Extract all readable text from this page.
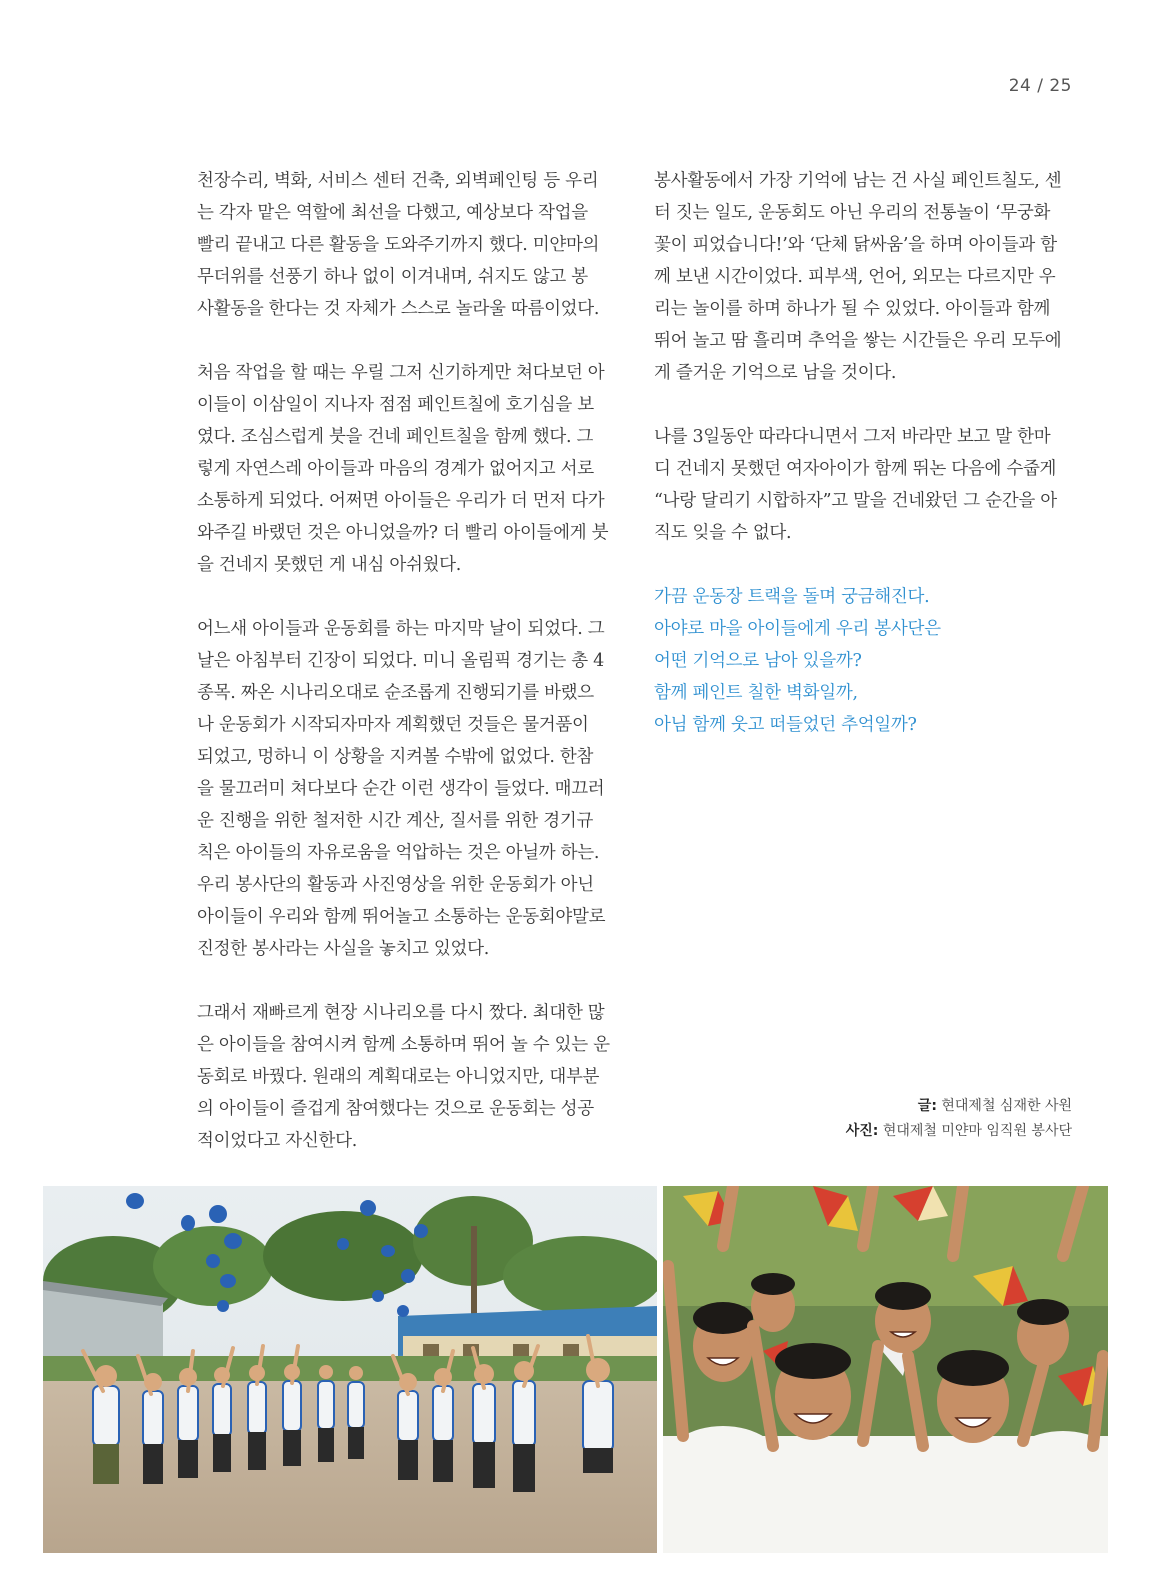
24 / 25

천장수리, 벽화, 서비스 센터 건축, 외벽페인팅 등 우리
는 각자 맡은 역할에 최선을 다했고, 예상보다 작업을
빨리 끝내고 다른 활동을 도와주기까지 했다. 미얀마의
무더위를 선풍기 하나 없이 이겨내며, 쉬지도 않고 봉
사활동을 한다는 것 자체가 스스로 놀라울 따름이었다.

처음 작업을 할 때는 우릴 그저 신기하게만 쳐다보던 아
이들이 이삼일이 지나자 점점 페인트칠에 호기심을 보
였다. 조심스럽게 붓을 건네 페인트칠을 함께 했다. 그
렇게 자연스레 아이들과 마음의 경계가 없어지고 서로
소통하게 되었다. 어쩌면 아이들은 우리가 더 먼저 다가
와주길 바랬던 것은 아니었을까? 더 빨리 아이들에게 붓
을 건네지 못했던 게 내심 아쉬웠다.

어느새 아이들과 운동회를 하는 마지막 날이 되었다. 그
날은 아침부터 긴장이 되었다. 미니 올림픽 경기는 총 4
종목. 짜온 시나리오대로 순조롭게 진행되기를 바랬으
나 운동회가 시작되자마자 계획했던 것들은 물거품이
되었고, 멍하니 이 상황을 지켜볼 수밖에 없었다. 한참
을 물끄러미 쳐다보다 순간 이런 생각이 들었다. 매끄러
운 진행을 위한 철저한 시간 계산, 질서를 위한 경기규
칙은 아이들의 자유로움을 억압하는 것은 아닐까 하는.
우리 봉사단의 활동과 사진영상을 위한 운동회가 아닌
아이들이 우리와 함께 뛰어놀고 소통하는 운동회야말로
진정한 봉사라는 사실을 놓치고 있었다.

그래서 재빠르게 현장 시나리오를 다시 짰다. 최대한 많
은 아이들을 참여시켜 함께 소통하며 뛰어 놀 수 있는 운
동회로 바꿨다. 원래의 계획대로는 아니었지만, 대부분
의 아이들이 즐겁게 참여했다는 것으로 운동회는 성공
적이었다고 자신한다.

봉사활동에서 가장 기억에 남는 건 사실 페인트칠도, 센
터 짓는 일도, 운동회도 아닌 우리의 전통놀이 ‘무궁화
꽃이 피었습니다!’와 ‘단체 닭싸움’을 하며 아이들과 함
께 보낸 시간이었다. 피부색, 언어, 외모는 다르지만 우
리는 놀이를 하며 하나가 될 수 있었다. 아이들과 함께
뛰어 놀고 땀 흘리며 추억을 쌓는 시간들은 우리 모두에
게 즐거운 기억으로 남을 것이다.

나를 3일동안 따라다니면서 그저 바라만 보고 말 한마
디 건네지 못했던 여자아이가 함께 뛰논 다음에 수줍게
“나랑 달리기 시합하자”고 말을 건네왔던 그 순간을 아
직도 잊을 수 없다.

가끔 운동장 트랙을 돌며 궁금해진다.
아야로 마을 아이들에게 우리 봉사단은
어떤 기억으로 남아 있을까?
함께 페인트 칠한 벽화일까,
아님 함께 웃고 떠들었던 추억일까?

글: 현대제철 심재한 사원
사진: 현대제철 미얀마 임직원 봉사단
